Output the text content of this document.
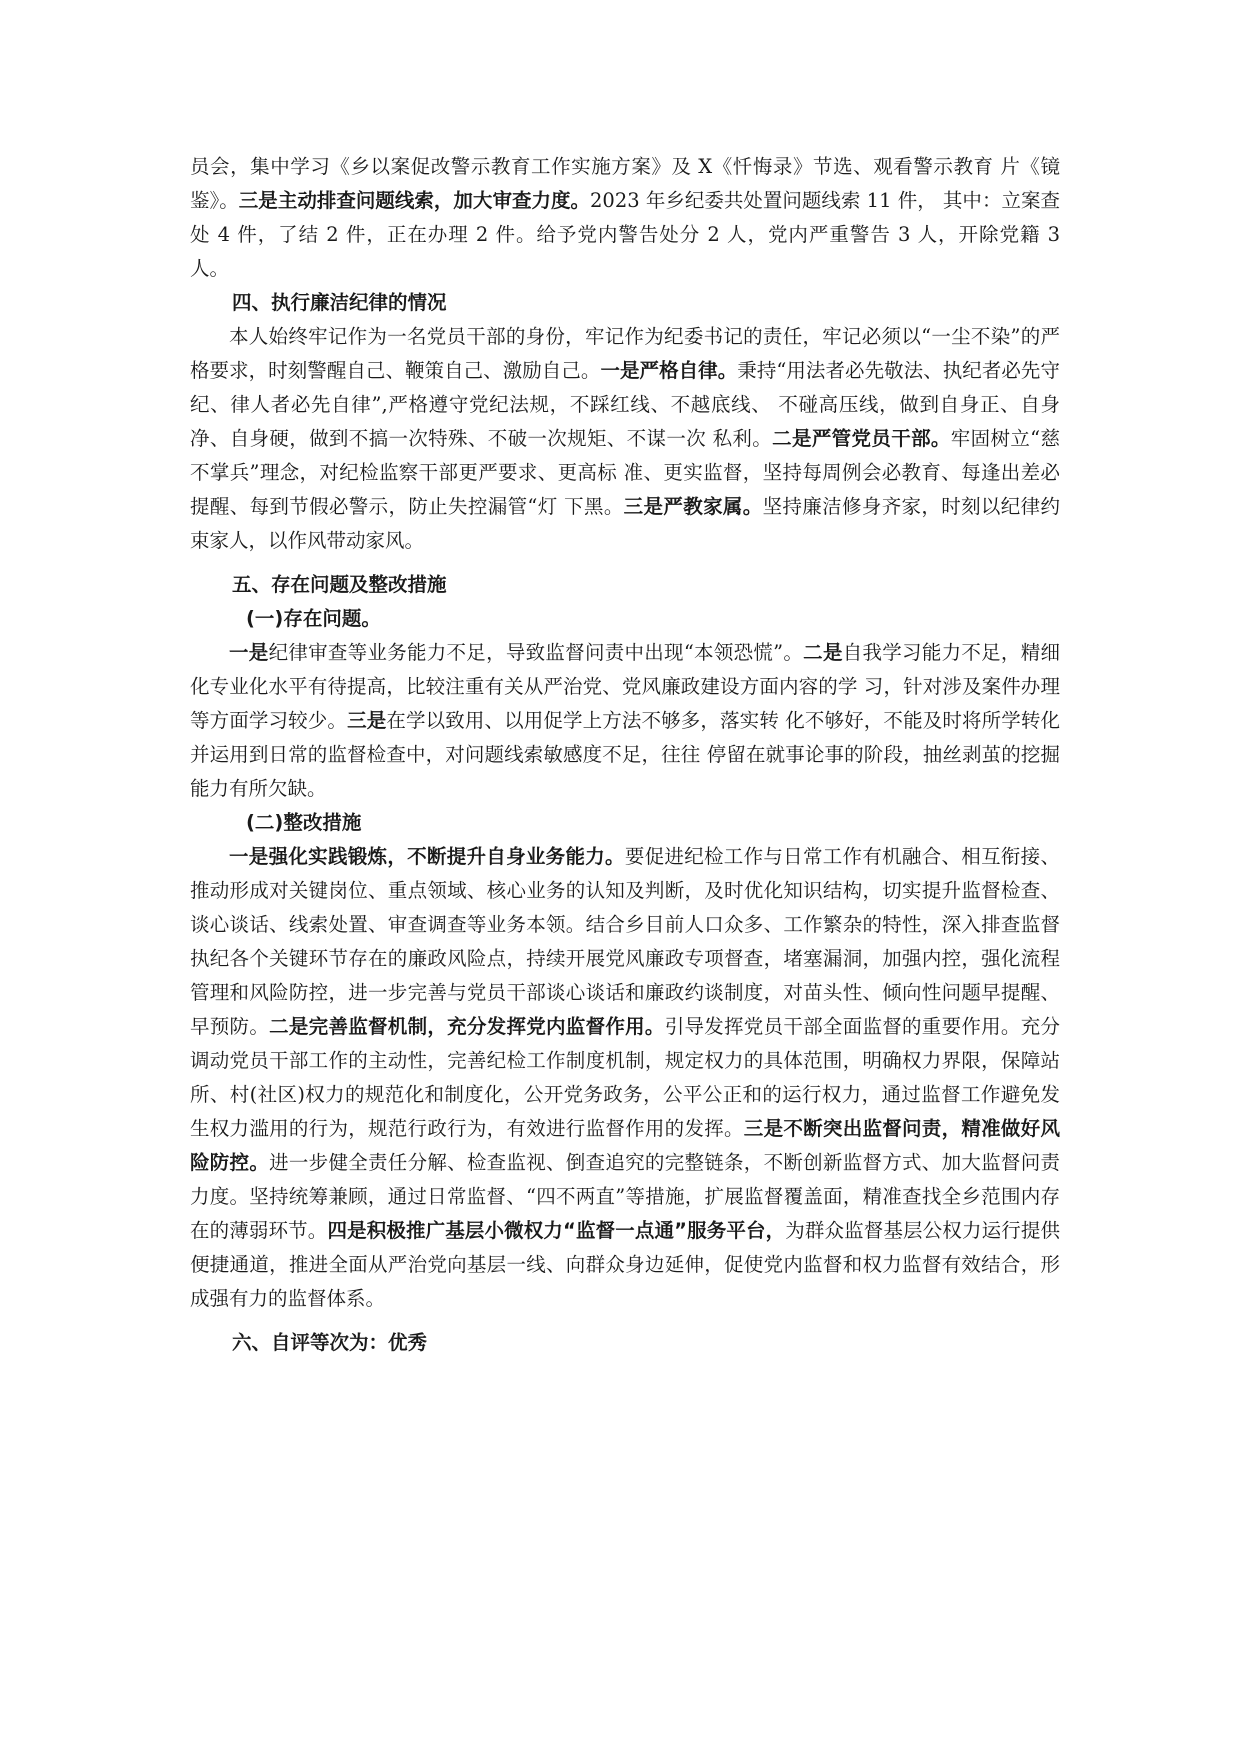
员会，集中学习《乡以案促改警示教育工作实施方案》及 X《忏悔录》节选、观看警示教育 片《镜鉴》。三是主动排查问题线索，加大审查力度。2023 年乡纪委共处置问题线索 11 件， 其中：立案查处 4 件，了结 2 件，正在办理 2 件。给予党内警告处分 2 人，党内严重警告 3 人，开除党籍 3 人。

四、执行廉洁纪律的情况

本人始终牢记作为一名党员干部的身份，牢记作为纪委书记的责任，牢记必须以“一尘不染”的严格要求，时刻警醒自己、鞭策自己、激励自己。一是严格自律。秉持“用法者必先敬法、执纪者必先守纪、律人者必先自律”,严格遵守党纪法规，不踩红线、不越底线、 不碰高压线，做到自身正、自身净、自身硬，做到不搞一次特殊、不破一次规矩、不谋一次 私利。二是严管党员干部。牢固树立“慈不掌兵”理念，对纪检监察干部更严要求、更高标 准、更实监督，坚持每周例会必教育、每逢出差必提醒、每到节假必警示，防止失控漏管“灯 下黑。三是严教家属。坚持廉洁修身齐家，时刻以纪律约束家人，以作风带动家风。

五、存在问题及整改措施

(一)存在问题。

一是纪律审查等业务能力不足，导致监督问责中出现“本领恐慌”。二是自我学习能力不足，精细化专业化水平有待提高，比较注重有关从严治党、党风廉政建设方面内容的学 习，针对涉及案件办理等方面学习较少。三是在学以致用、以用促学上方法不够多，落实转 化不够好，不能及时将所学转化并运用到日常的监督检查中，对问题线索敏感度不足，往往 停留在就事论事的阶段，抽丝剥茧的挖掘能力有所欠缺。

(二)整改措施

一是强化实践锻炼，不断提升自身业务能力。要促进纪检工作与日常工作有机融合、相互衔接、推动形成对关键岗位、重点领域、核心业务的认知及判断，及时优化知识结构，切实提升监督检查、谈心谈话、线索处置、审查调查等业务本领。结合乡目前人口众多、工作繁杂的特性，深入排查监督执纪各个关键环节存在的廉政风险点，持续开展党风廉政专项督查，堵塞漏洞，加强内控，强化流程管理和风险防控，进一步完善与党员干部谈心谈话和廉政约谈制度，对苗头性、倾向性问题早提醒、早预防。二是完善监督机制，充分发挥党内监督作用。引导发挥党员干部全面监督的重要作用。充分调动党员干部工作的主动性，完善纪检工作制度机制，规定权力的具体范围，明确权力界限，保障站所、村(社区)权力的规范化和制度化，公开党务政务，公平公正和的运行权力，通过监督工作避免发生权力滥用的行为，规范行政行为，有效进行监督作用的发挥。三是不断突出监督问责，精准做好风险防控。进一步健全责任分解、检查监视、倒查追究的完整链条，不断创新监督方式、加大监督问责力度。坚持统筹兼顾，通过日常监督、“四不两直”等措施，扩展监督覆盖面，精准查找全乡范围内存在的薄弱环节。四是积极推广基层小微权力“监督一点通”服务平台，为群众监督基层公权力运行提供便捷通道，推进全面从严治党向基层一线、向群众身边延伸，促使党内监督和权力监督有效结合，形成强有力的监督体系。

六、自评等次为：优秀
